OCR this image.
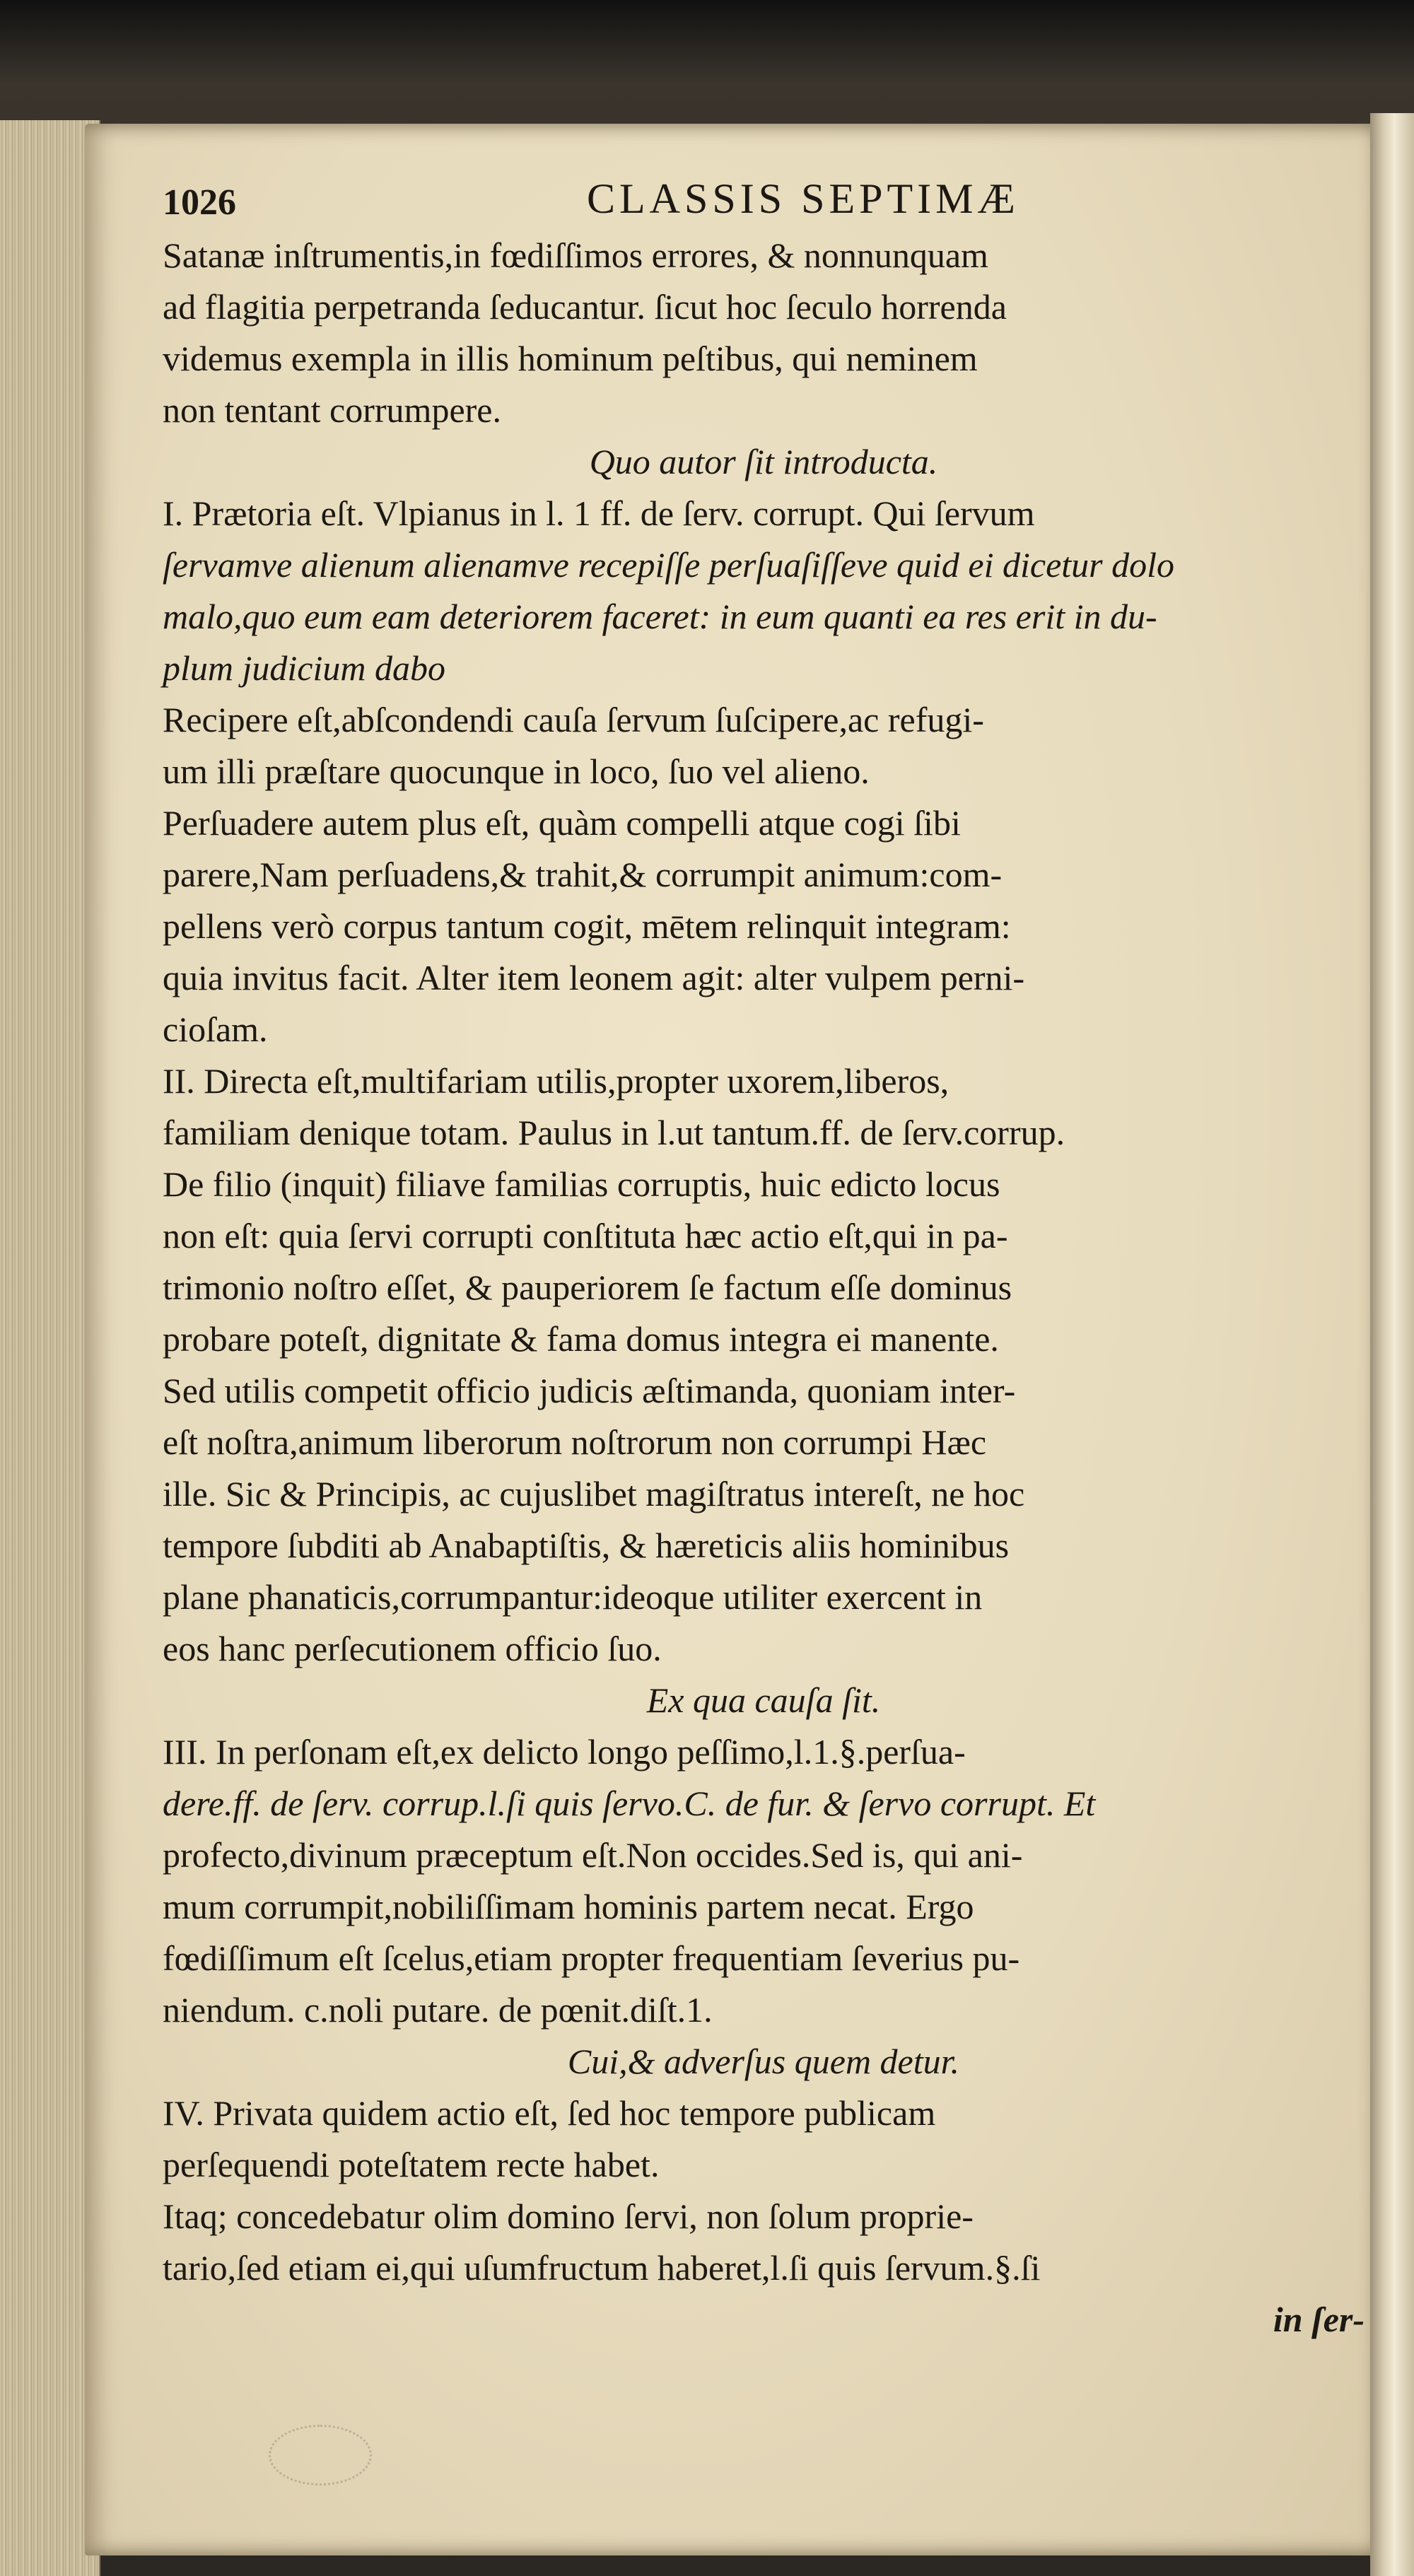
1026	CLASSIS SEPTIMÆ
Satanæ inſtrumentis,in fœdiſſimos errores, & nonnunquam
ad flagitia perpetranda ſeducantur. ſicut hoc ſeculo horrenda
videmus exempla in illis hominum peſtibus, qui neminem
non tentant corrumpere.
Quo autor ſit introducta.
I. Prætoria eſt. Vlpianus in l. 1 ff. de ſerv. corrupt. Qui ſervum
ſervamve alienum alienamve recepiſſe perſuaſiſſeve quid ei dicetur dolo
malo,quo eum eam deteriorem faceret: in eum quanti ea res erit in du-
plum judicium dabo
Recipere eſt,abſcondendi cauſa ſervum ſuſcipere,ac refugi-
um illi præſtare quocunque in loco, ſuo vel alieno.
Perſuadere autem plus eſt, quàm compelli atque cogi ſibi
parere,Nam perſuadens,& trahit,& corrumpit animum:com-
pellens verò corpus tantum cogit, mētem relinquit integram:
quia invitus facit. Alter item leonem agit: alter vulpem perni-
cioſam.
II. Directa eſt,multifariam utilis,propter uxorem,liberos,
familiam denique totam. Paulus in l.ut tantum.ff. de ſerv.corrup.
De filio (inquit) filiave familias corruptis, huic edicto locus
non eſt: quia ſervi corrupti conſtituta hæc actio eſt,qui in pa-
trimonio noſtro eſſet, & pauperiorem ſe factum eſſe dominus
probare poteſt, dignitate & fama domus integra ei manente.
Sed utilis competit officio judicis æſtimanda, quoniam inter-
eſt noſtra,animum liberorum noſtrorum non corrumpi Hæc
ille. Sic & Principis, ac cujuslibet magiſtratus intereſt, ne hoc
tempore ſubditi ab Anabaptiſtis, & hæreticis aliis hominibus
plane phanaticis,corrumpantur:ideoque utiliter exercent in
eos hanc perſecutionem officio ſuo.
Ex qua cauſa ſit.
III. In perſonam eſt,ex delicto longo peſſimo,l.1.§.perſua-
dere.ff. de ſerv. corrup.l.ſi quis ſervo.C. de fur. & ſervo corrupt. Et
profecto,divinum præceptum eſt.Non occides.Sed is, qui ani-
mum corrumpit,nobiliſſimam hominis partem necat. Ergo
fœdiſſimum eſt ſcelus,etiam propter frequentiam ſeverius pu-
niendum. c.noli putare. de pœnit.diſt.1.
Cui,& adverſus quem detur.
IV. Privata quidem actio eſt, ſed hoc tempore publicam
perſequendi poteſtatem recte habet.
Itaq; concedebatur olim domino ſervi, non ſolum proprie-
tario,ſed etiam ei,qui uſumfructum haberet,l.ſi quis ſervum.§.ſi
in ſer-
